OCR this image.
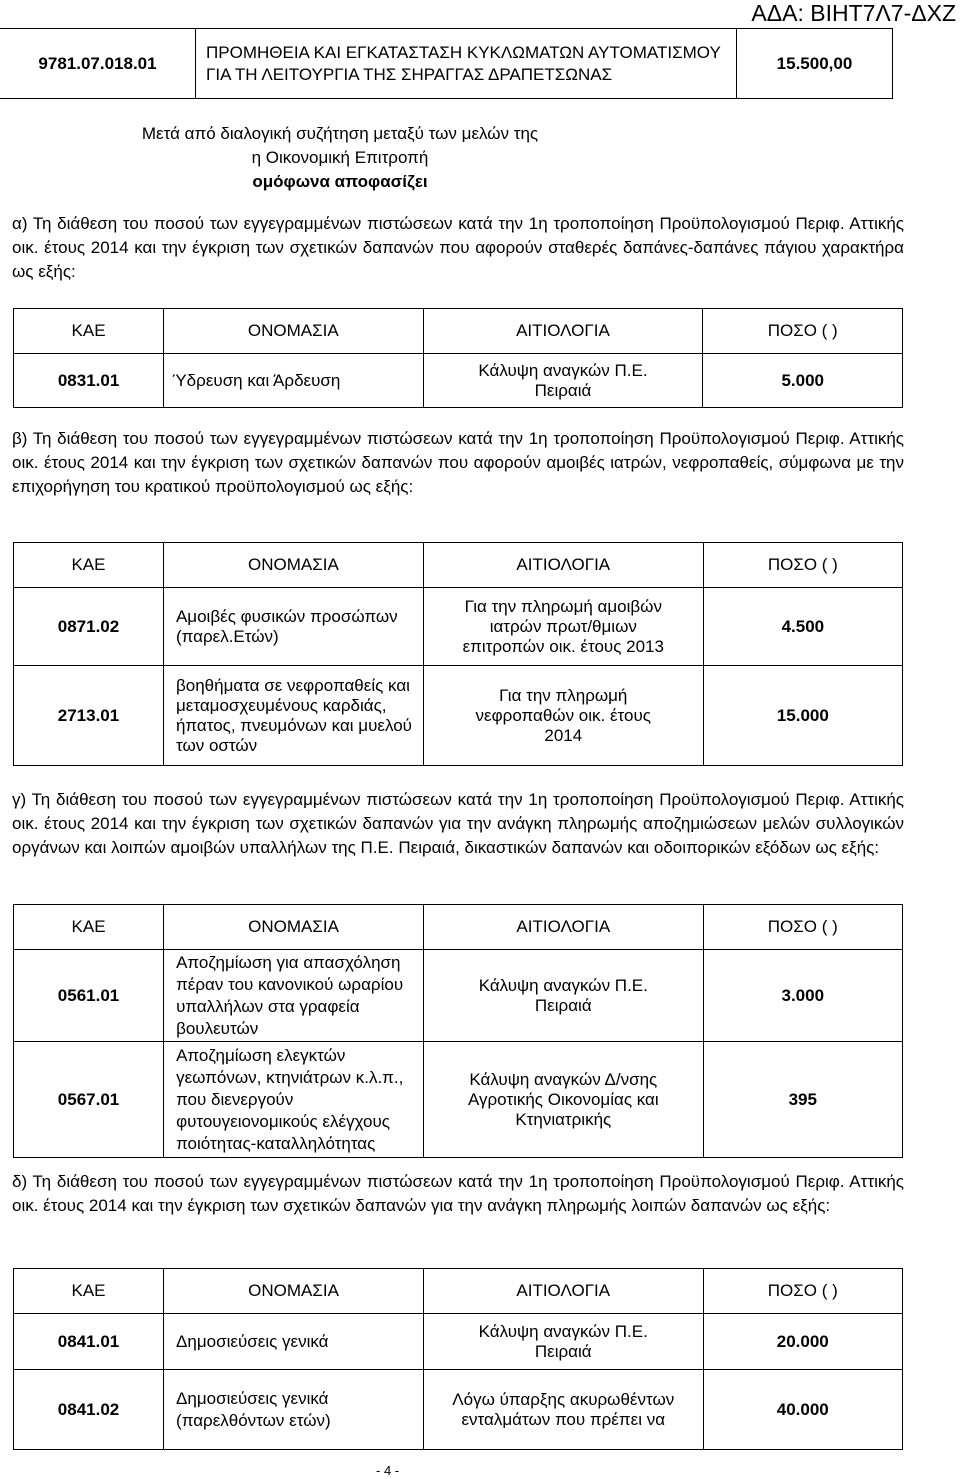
ΑΔΑ: ΒΙΗΤ7Λ7-ΔΧΖ
9781.07.018.01	ΠΡΟΜΗΘΕΙΑ ΚΑΙ ΕΓΚΑΤΑΣΤΑΣΗ ΚΥΚΛΩΜΑΤΩΝ ΑΥΤΟΜΑΤΙΣΜΟΥ ΓΙΑ ΤΗ ΛΕΙΤΟΥΡΓΙΑ ΤΗΣ ΣΗΡΑΓΓΑΣ ΔΡΑΠΕΤΣΩΝΑΣ	15.500,00
Μετά από διαλογική συζήτηση μεταξύ των μελών της
η Οικονομική Επιτροπή
ομόφωνα αποφασίζει
α) Τη διάθεση του ποσού των εγγεγραμμένων πιστώσεων κατά την 1η τροποποίηση Προϋπολογισμού Περιφ. Αττικής οικ. έτους 2014 και την έγκριση των σχετικών δαπανών που αφορούν σταθερές δαπάνες-δαπάνες πάγιου χαρακτήρα ως εξής:
ΚΑΕ	ΟΝΟΜΑΣΙΑ	ΑΙΤΙΟΛΟΓΙΑ	ΠΟΣΟ ( )
0831.01	Ύδρευση και Άρδευση	Κάλυψη αναγκών Π.Ε. Πειραιά	5.000
β) Τη διάθεση του ποσού των εγγεγραμμένων πιστώσεων κατά την 1η τροποποίηση Προϋπολογισμού Περιφ. Αττικής οικ. έτους 2014 και την έγκριση των σχετικών δαπανών που αφορούν αμοιβές ιατρών, νεφροπαθείς, σύμφωνα με την επιχορήγηση του κρατικού προϋπολογισμού ως εξής:
ΚΑΕ	ΟΝΟΜΑΣΙΑ	ΑΙΤΙΟΛΟΓΙΑ	ΠΟΣΟ ( )
0871.02	Αμοιβές φυσικών προσώπων (παρελ.Ετών)	Για την πληρωμή αμοιβών ιατρών πρωτ/θμιων επιτροπών οικ. έτους 2013	4.500
2713.01	βοηθήματα σε νεφροπαθείς και μεταμοσχευμένους καρδιάς, ήπατος, πνευμόνων και μυελού των οστών	Για την πληρωμή νεφροπαθών οικ. έτους 2014	15.000
γ) Τη διάθεση του ποσού των εγγεγραμμένων πιστώσεων κατά την 1η τροποποίηση Προϋπολογισμού Περιφ. Αττικής οικ. έτους 2014 και την έγκριση των σχετικών δαπανών για την ανάγκη πληρωμής αποζημιώσεων μελών συλλογικών οργάνων και λοιπών αμοιβών υπαλλήλων της Π.Ε. Πειραιά, δικαστικών δαπανών και οδοιπορικών εξόδων ως εξής:
ΚΑΕ	ΟΝΟΜΑΣΙΑ	ΑΙΤΙΟΛΟΓΙΑ	ΠΟΣΟ ( )
0561.01	Αποζημίωση για απασχόληση πέραν του κανονικού ωραρίου υπαλλήλων στα γραφεία βουλευτών	Κάλυψη αναγκών Π.Ε. Πειραιά	3.000
0567.01	Αποζημίωση ελεγκτών γεωπόνων, κτηνιάτρων κ.λ.π., που διενεργούν φυτουγειονομικούς ελέγχους ποιότητας-καταλληλότητας	Κάλυψη αναγκών Δ/νσης Αγροτικής Οικονομίας και Κτηνιατρικής	395
δ) Τη διάθεση του ποσού των εγγεγραμμένων πιστώσεων κατά την 1η τροποποίηση Προϋπολογισμού Περιφ. Αττικής οικ. έτους 2014 και την έγκριση των σχετικών δαπανών για την ανάγκη πληρωμής λοιπών δαπανών ως εξής:
ΚΑΕ	ΟΝΟΜΑΣΙΑ	ΑΙΤΙΟΛΟΓΙΑ	ΠΟΣΟ ( )
0841.01	Δημοσιεύσεις γενικά	Κάλυψη αναγκών Π.Ε. Πειραιά	20.000
0841.02	Δημοσιεύσεις γενικά (παρελθόντων ετών)	Λόγω ύπαρξης ακυρωθέντων ενταλμάτων που πρέπει να	40.000
- 4 -
